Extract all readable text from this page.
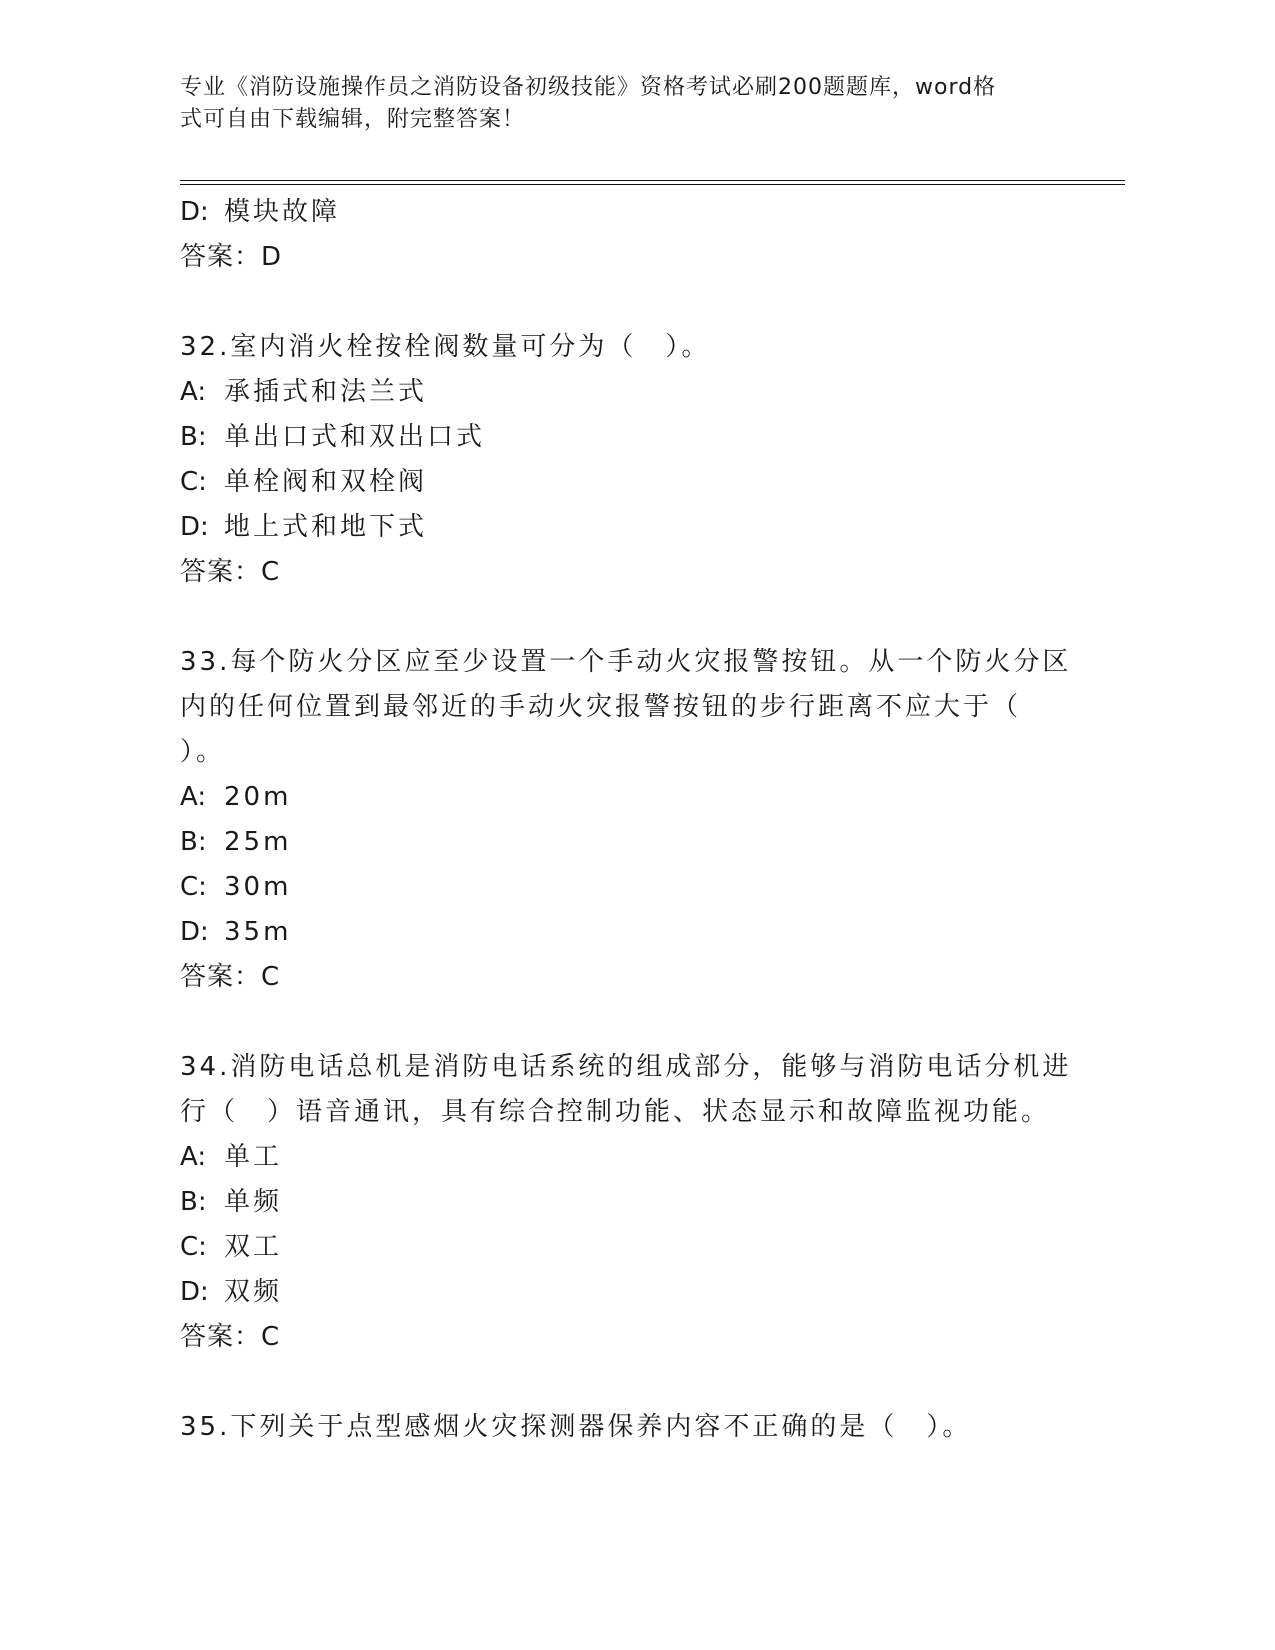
专业《消防设施操作员之消防设备初级技能》资格考试必刷200题题库，word格
式可自由下载编辑，附完整答案！
D: 模块故障
答案：D
32.室内消火栓按栓阀数量可分为（　）。
A: 承插式和法兰式
B: 单出口式和双出口式
C: 单栓阀和双栓阀
D: 地上式和地下式
答案：C
33.每个防火分区应至少设置一个手动火灾报警按钮。从一个防火分区
内的任何位置到最邻近的手动火灾报警按钮的步行距离不应大于（
）。
A: 20m
B: 25m
C: 30m
D: 35m
答案：C
34.消防电话总机是消防电话系统的组成部分，能够与消防电话分机进
行（　）语音通讯，具有综合控制功能、状态显示和故障监视功能。
A: 单工
B: 单频
C: 双工
D: 双频
答案：C
35.下列关于点型感烟火灾探测器保养内容不正确的是（　）。
